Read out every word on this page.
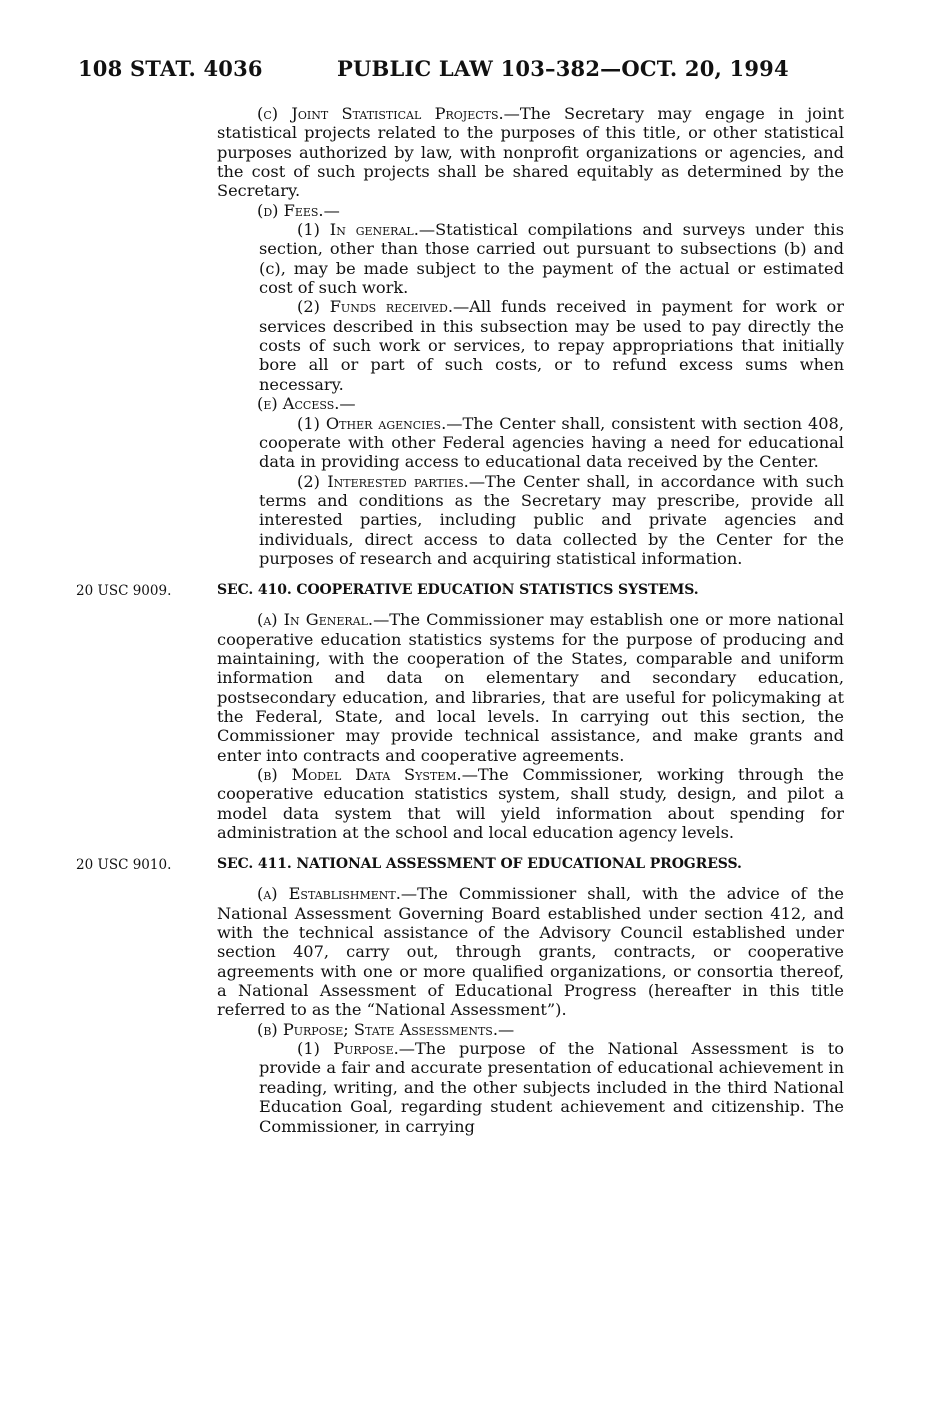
108 STAT. 4036	PUBLIC LAW 103–382—OCT. 20, 1994

(c) Joint Statistical Projects.—The Secretary may engage in joint statistical projects related to the purposes of this title, or other statistical purposes authorized by law, with nonprofit organizations or agencies, and the cost of such projects shall be shared equitably as determined by the Secretary.

(d) Fees.—

(1) In general.—Statistical compilations and surveys under this section, other than those carried out pursuant to subsections (b) and (c), may be made subject to the payment of the actual or estimated cost of such work.

(2) Funds received.—All funds received in payment for work or services described in this subsection may be used to pay directly the costs of such work or services, to repay appropriations that initially bore all or part of such costs, or to refund excess sums when necessary.

(e) Access.—

(1) Other agencies.—The Center shall, consistent with section 408, cooperate with other Federal agencies having a need for educational data in providing access to educational data received by the Center.

(2) Interested parties.—The Center shall, in accordance with such terms and conditions as the Secretary may prescribe, provide all interested parties, including public and private agencies and individuals, direct access to data collected by the Center for the purposes of research and acquiring statistical information.

20 USC 9009.	SEC. 410. COOPERATIVE EDUCATION STATISTICS SYSTEMS.

(a) In General.—The Commissioner may establish one or more national cooperative education statistics systems for the purpose of producing and maintaining, with the cooperation of the States, comparable and uniform information and data on elementary and secondary education, postsecondary education, and libraries, that are useful for policymaking at the Federal, State, and local levels. In carrying out this section, the Commissioner may provide technical assistance, and make grants and enter into contracts and cooperative agreements.

(b) Model Data System.—The Commissioner, working through the cooperative education statistics system, shall study, design, and pilot a model data system that will yield information about spending for administration at the school and local education agency levels.

20 USC 9010.	SEC. 411. NATIONAL ASSESSMENT OF EDUCATIONAL PROGRESS.

(a) Establishment.—The Commissioner shall, with the advice of the National Assessment Governing Board established under section 412, and with the technical assistance of the Advisory Council established under section 407, carry out, through grants, contracts, or cooperative agreements with one or more qualified organizations, or consortia thereof, a National Assessment of Educational Progress (hereafter in this title referred to as the “National Assessment”).

(b) Purpose; State Assessments.—

(1) Purpose.—The purpose of the National Assessment is to provide a fair and accurate presentation of educational achievement in reading, writing, and the other subjects included in the third National Education Goal, regarding student achievement and citizenship. The Commissioner, in carrying
